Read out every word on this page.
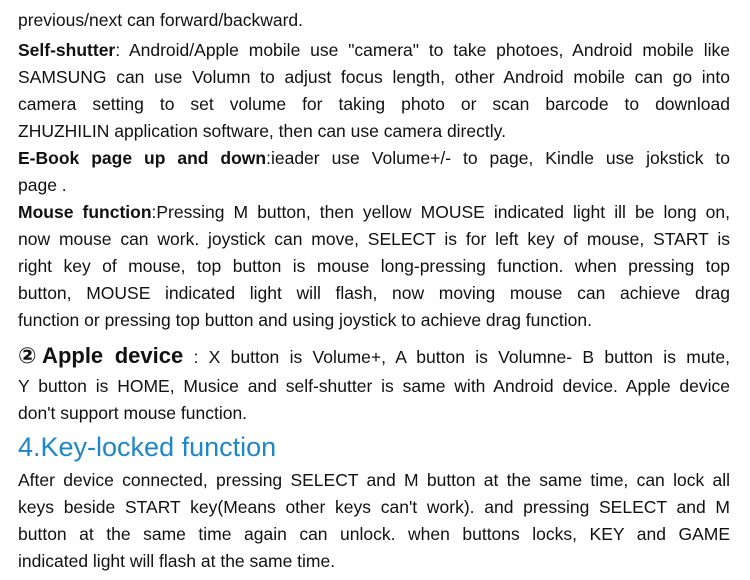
previous/next can forward/backward.
Self-shutter: Android/Apple mobile use "camera" to take photoes, Android mobile like
SAMSUNG can use Volumn to adjust focus length, other Android mobile can go into
camera setting to set volume for taking photo or scan barcode to download
ZHUZHILIN application software, then can use camera directly.
E-Book page up and down:ieader use Volume+/- to page, Kindle use jokstick to
page .
Mouse function:Pressing M button, then yellow MOUSE indicated light ill be long on,
now mouse can work. joystick can move, SELECT is for left key of mouse, START is
right key of mouse, top button is mouse long-pressing function. when pressing top
button, MOUSE indicated light will flash, now moving mouse can achieve drag
function or pressing top button and using joystick to achieve drag function.
②Apple device : X button is Volume+, A button is Volumne- B button is mute,
Y button is HOME, Musice and self-shutter is same with Android device. Apple device
don't support mouse function.
4.Key-locked function
After device connected, pressing SELECT and M button at the same time, can lock all
keys beside START key(Means other keys can't work). and pressing SELECT and M
button at the same time again can unlock. when buttons locks, KEY and GAME
indicated light will flash at the same time.
